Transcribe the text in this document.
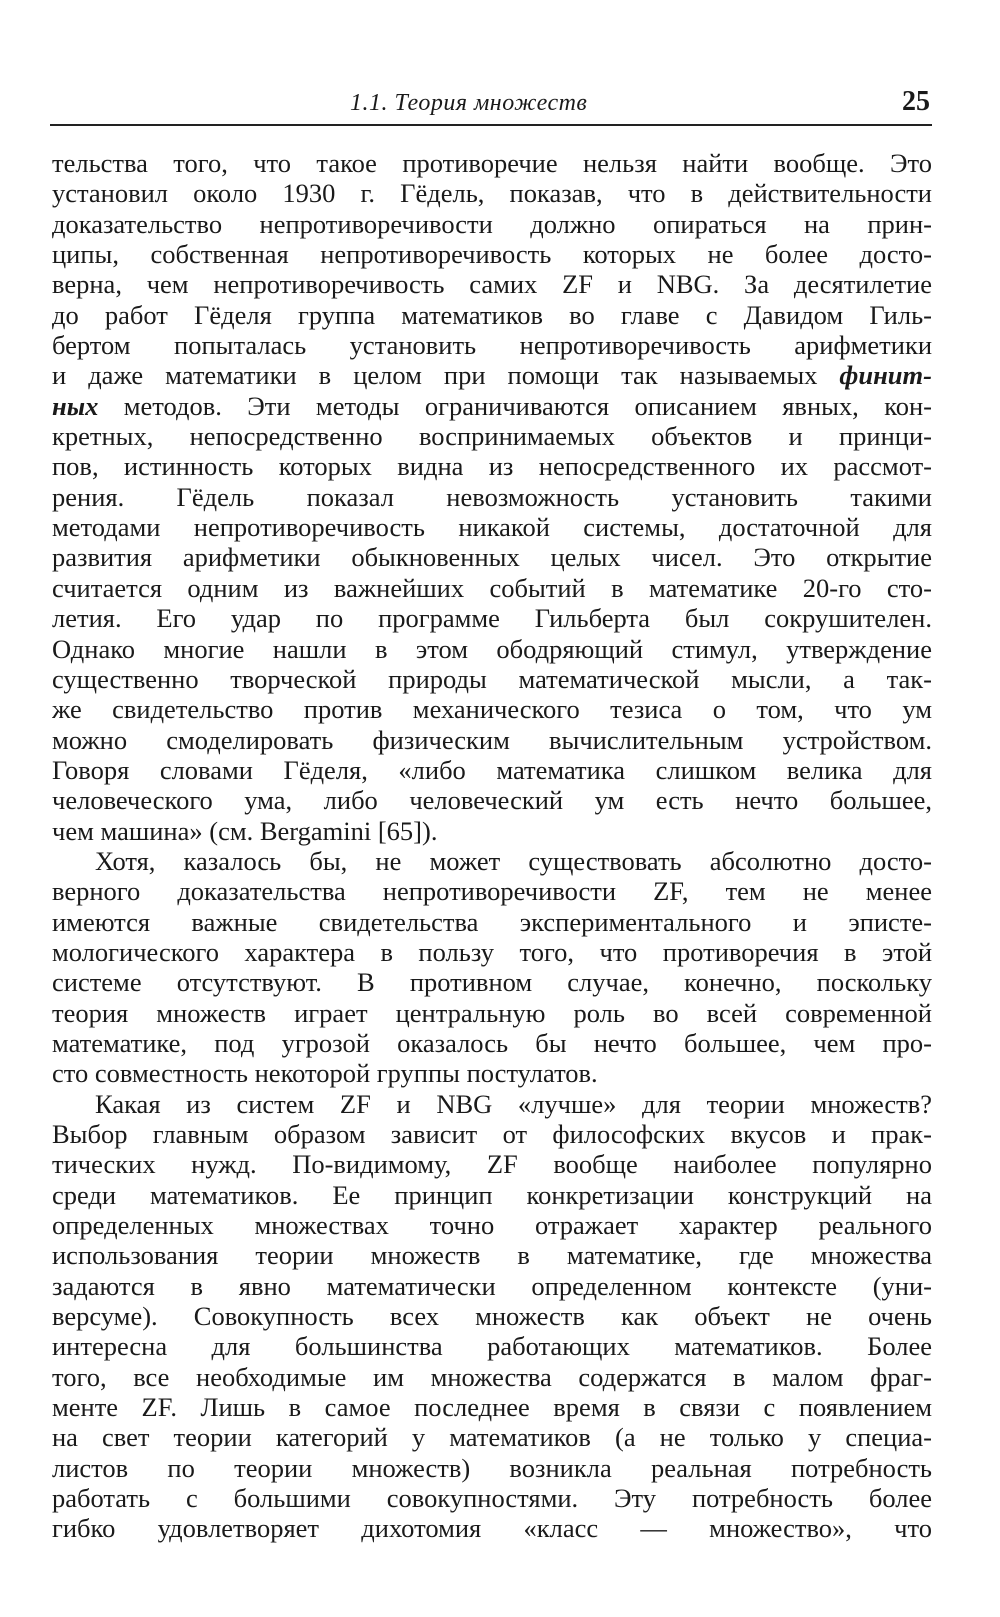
1.1. Теория множеств	25

тельства того, что такое противоречие нельзя найти вообще. Это
установил около 1930 г. Гёдель, показав, что в действительности
доказательство непротиворечивости должно опираться на прин-
ципы, собственная непротиворечивость которых не более досто-
верна, чем непротиворечивость самих ZF и NBG. За десятилетие
до работ Гёделя группа математиков во главе с Давидом Гиль-
бертом попыталась установить непротиворечивость арифметики
и даже математики в целом при помощи так называемых финит-
ных методов. Эти методы ограничиваются описанием явных, кон-
кретных, непосредственно воспринимаемых объектов и принци-
пов, истинность которых видна из непосредственного их рассмот-
рения. Гёдель показал невозможность установить такими
методами непротиворечивость никакой системы, достаточной для
развития арифметики обыкновенных целых чисел. Это открытие
считается одним из важнейших событий в математике 20-го сто-
летия. Его удар по программе Гильберта был сокрушителен.
Однако многие нашли в этом ободряющий стимул, утверждение
существенно творческой природы математической мысли, а так-
же свидетельство против механического тезиса о том, что ум
можно смоделировать физическим вычислительным устройством.
Говоря словами Гёделя, «либо математика слишком велика для
человеческого ума, либо человеческий ум есть нечто большее,
чем машина» (см. Bergamini [65]).

Хотя, казалось бы, не может существовать абсолютно досто-
верного доказательства непротиворечивости ZF, тем не менее
имеются важные свидетельства экспериментального и эписте-
мологического характера в пользу того, что противоречия в этой
системе отсутствуют. В противном случае, конечно, поскольку
теория множеств играет центральную роль во всей современной
математике, под угрозой оказалось бы нечто большее, чем про-
сто совместность некоторой группы постулатов.

Какая из систем ZF и NBG «лучше» для теории множеств?
Выбор главным образом зависит от философских вкусов и прак-
тических нужд. По-видимому, ZF вообще наиболее популярно
среди математиков. Ее принцип конкретизации конструкций на
определенных множествах точно отражает характер реального
использования теории множеств в математике, где множества
задаются в явно математически определенном контексте (уни-
версуме). Совокупность всех множеств как объект не очень
интересна для большинства работающих математиков. Более
того, все необходимые им множества содержатся в малом фраг-
менте ZF. Лишь в самое последнее время в связи с появлением
на свет теории категорий у математиков (а не только у специа-
листов по теории множеств) возникла реальная потребность
работать с большими совокупностями. Эту потребность более
гибко удовлетворяет дихотомия «класс — множество», что
